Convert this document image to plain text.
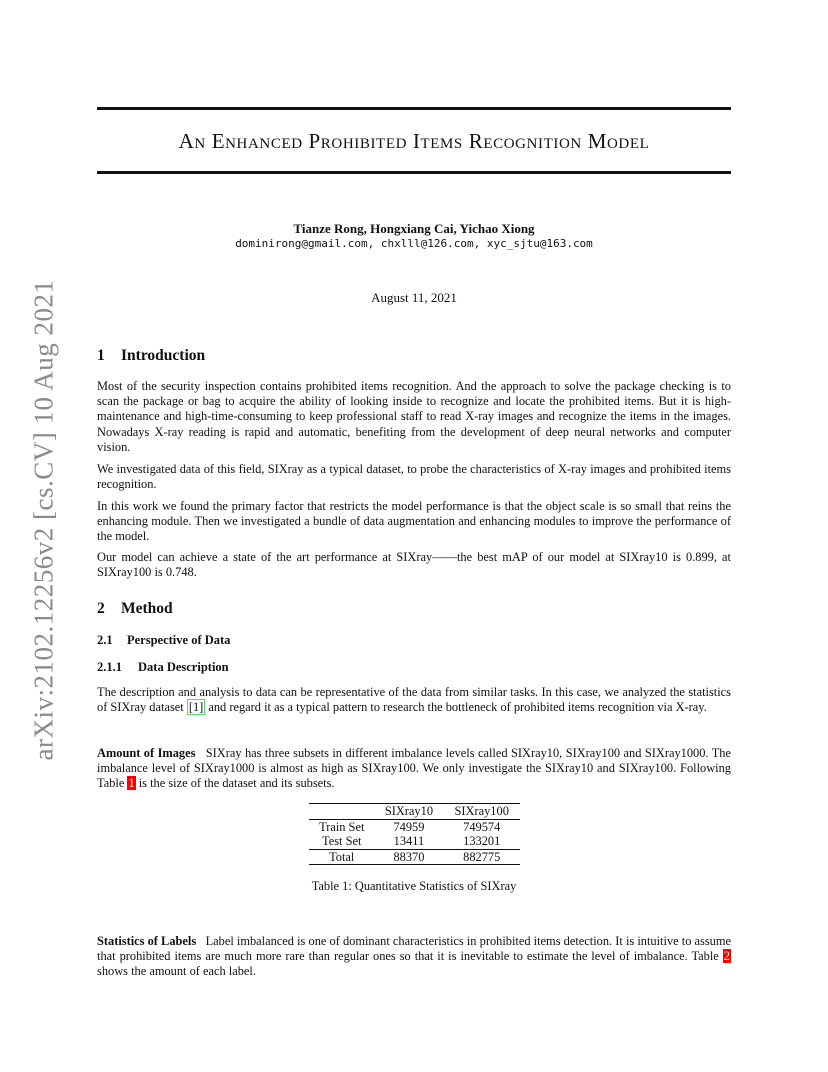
arXiv:2102.12256v2 [cs.CV] 10 Aug 2021
An Enhanced Prohibited Items Recognition Model
Tianze Rong, Hongxiang Cai, Yichao Xiong
dominirong@gmail.com, chxlll@126.com, xyc_sjtu@163.com
August 11, 2021
1 Introduction
Most of the security inspection contains prohibited items recognition. And the approach to solve the package checking is to scan the package or bag to acquire the ability of looking inside to recognize and locate the prohibited items. But it is high-maintenance and high-time-consuming to keep professional staff to read X-ray images and recognize the items in the images. Nowadays X-ray reading is rapid and automatic, benefiting from the development of deep neural networks and computer vision.
We investigated data of this field, SIXray as a typical dataset, to probe the characteristics of X-ray images and prohibited items recognition.
In this work we found the primary factor that restricts the model performance is that the object scale is so small that reins the enhancing module. Then we investigated a bundle of data augmentation and enhancing modules to improve the performance of the model.
Our model can achieve a state of the art performance at SIXray——the best mAP of our model at SIXray10 is 0.899, at SIXray100 is 0.748.
2 Method
2.1 Perspective of Data
2.1.1 Data Description
The description and analysis to data can be representative of the data from similar tasks. In this case, we analyzed the statistics of SIXray dataset [1] and regard it as a typical pattern to research the bottleneck of prohibited items recognition via X-ray.
Amount of Images SIXray has three subsets in different imbalance levels called SIXray10, SIXray100 and SIXray1000. The imbalance level of SIXray1000 is almost as high as SIXray100. We only investigate the SIXray10 and SIXray100. Following Table 1 is the size of the dataset and its subsets.
	SIXray10	SIXray100
Train Set	74959	749574
Test Set	13411	133201
Total	88370	882775
Table 1: Quantitative Statistics of SIXray
Statistics of Labels Label imbalanced is one of dominant characteristics in prohibited items detection. It is intuitive to assume that prohibited items are much more rare than regular ones so that it is inevitable to estimate the level of imbalance. Table 2 shows the amount of each label.
